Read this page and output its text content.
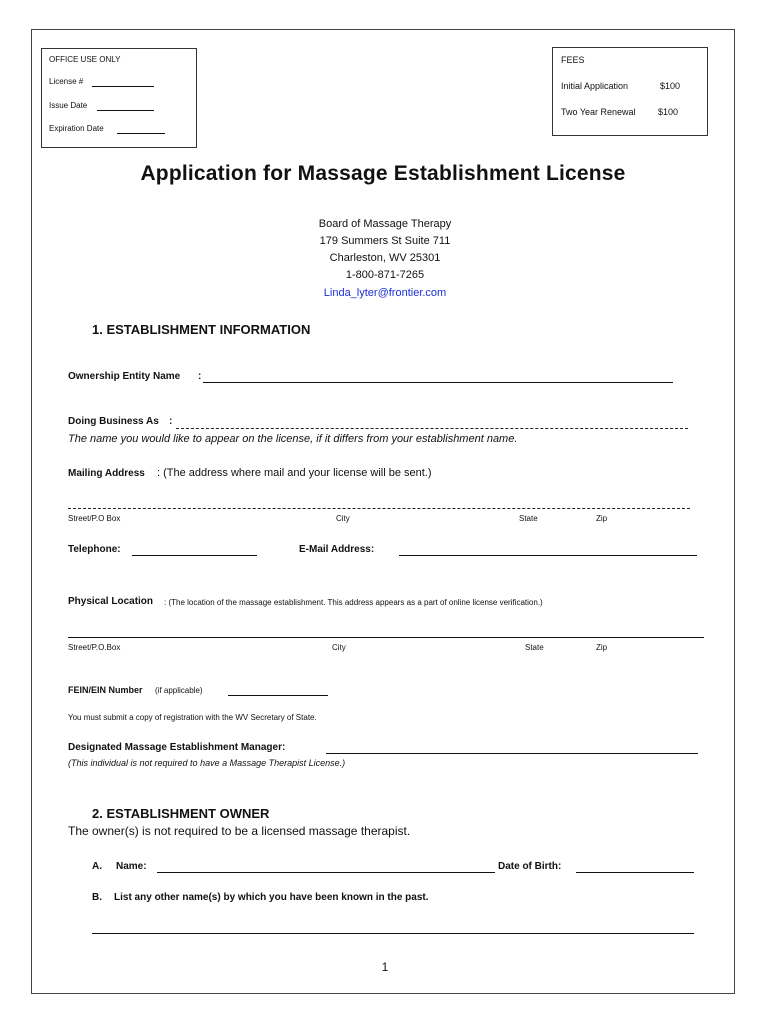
OFFICE USE ONLY
License #
Issue Date
Expiration Date
FEES
Initial Application	$100
Two Year Renewal $100
Application for Massage Establishment License
Board of Massage Therapy
179 Summers St Suite 711
Charleston, WV 25301
1-800-871-7265
Linda_lyter@frontier.com
1. ESTABLISHMENT INFORMATION
Ownership Entity Name :
Doing Business As :
The name you would like to appear on the license, if it differs from your establishment name.
Mailing Address : (The address where mail and your license will be sent.)
Street/P.O Box	City	State	Zip
Telephone:	E-Mail Address:
Physical Location : (The location of the massage establishment. This address appears as a part of online license verification.)
Street/P.O.Box	City	State	Zip
FEIN/EIN Number (if applicable)
You must submit a copy of registration with the WV Secretary of State.
Designated Massage Establishment Manager:
(This individual is not required to have a Massage Therapist License.)
2. ESTABLISHMENT OWNER
The owner(s) is not required to be a licensed massage therapist.
A. Name:	Date of Birth:
B. List any other name(s) by which you have been known in the past.
1
